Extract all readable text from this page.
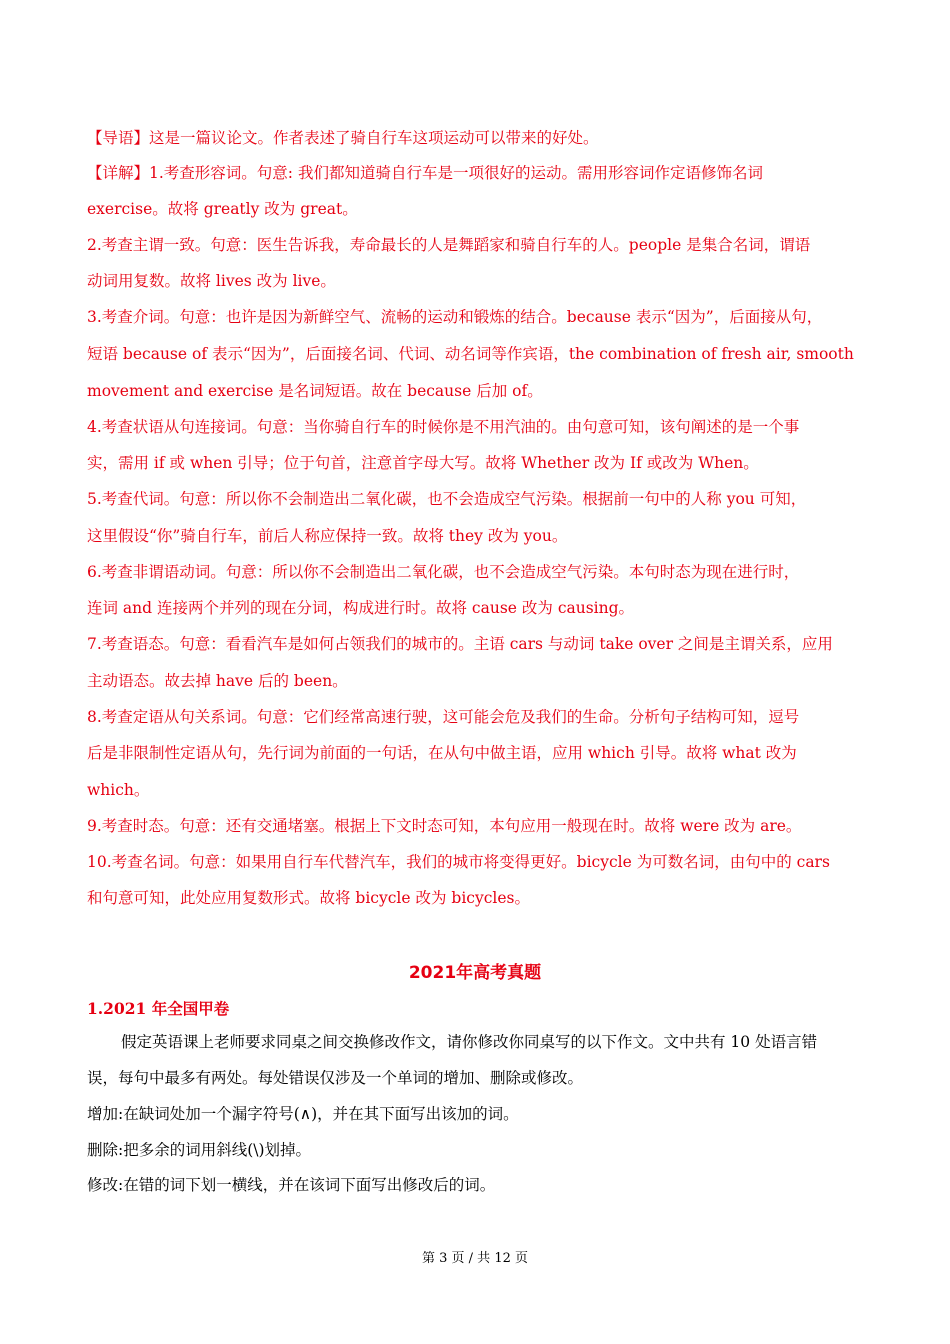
【导语】这是一篇议论文。作者表述了骑自行车这项运动可以带来的好处。
【详解】1.考查形容词。句意: 我们都知道骑自行车是一项很好的运动。需用形容词作定语修饰名词
exercise。故将 greatly 改为 great。
2.考查主谓一致。句意：医生告诉我，寿命最长的人是舞蹈家和骑自行车的人。people 是集合名词，谓语
动词用复数。故将 lives 改为 live。
3.考查介词。句意：也许是因为新鲜空气、流畅的运动和锻炼的结合。because 表示“因为”，后面接从句，
短语 because of 表示“因为”，后面接名词、代词、动名词等作宾语，the combination of fresh air, smooth
movement and exercise 是名词短语。故在 because 后加 of。
4.考查状语从句连接词。句意：当你骑自行车的时候你是不用汽油的。由句意可知，该句阐述的是一个事
实，需用 if 或 when 引导；位于句首，注意首字母大写。故将 Whether 改为 If 或改为 When。
5.考查代词。句意：所以你不会制造出二氧化碳，也不会造成空气污染。根据前一句中的人称 you 可知，
这里假设“你”骑自行车，前后人称应保持一致。故将 they 改为 you。
6.考查非谓语动词。句意：所以你不会制造出二氧化碳，也不会造成空气污染。本句时态为现在进行时，
连词 and 连接两个并列的现在分词，构成进行时。故将 cause 改为 causing。
7.考查语态。句意：看看汽车是如何占领我们的城市的。主语 cars 与动词 take over 之间是主谓关系，应用
主动语态。故去掉 have 后的 been。
8.考查定语从句关系词。句意：它们经常高速行驶，这可能会危及我们的生命。分析句子结构可知，逗号
后是非限制性定语从句，先行词为前面的一句话，在从句中做主语，应用 which 引导。故将 what 改为
which。
9.考查时态。句意：还有交通堵塞。根据上下文时态可知，本句应用一般现在时。故将 were 改为 are。
10.考查名词。句意：如果用自行车代替汽车，我们的城市将变得更好。bicycle 为可数名词，由句中的 cars
和句意可知，此处应用复数形式。故将 bicycle 改为 bicycles。
2021年高考真题
1.2021 年全国甲卷
假定英语课上老师要求同桌之间交换修改作文，请你修改你同桌写的以下作文。文中共有 10 处语言错
误，每句中最多有两处。每处错误仅涉及一个单词的增加、删除或修改。
增加:在缺词处加一个漏字符号(∧)，并在其下面写出该加的词。
删除:把多余的词用斜线(\)划掉。
修改:在错的词下划一横线，并在该词下面写出修改后的词。
第 3 页 / 共 12 页
